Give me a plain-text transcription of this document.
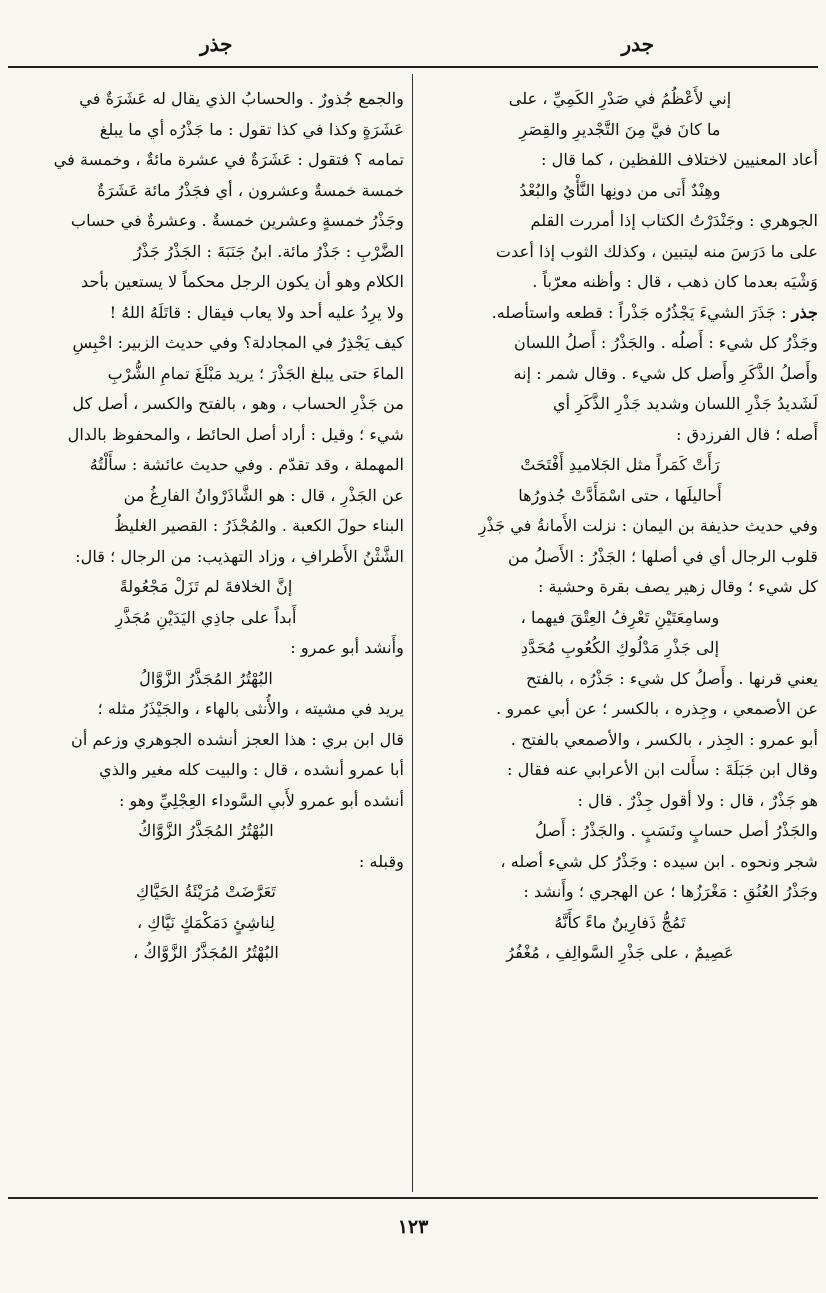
جدر
جذر
إني لأَعْظُمُ في صَدْرِ الكَمِيِّ ، على
ما كانَ فيَّ مِنَ التَّجْديرِ والقِصَرِ
أعاد المعنيين لاختلاف اللفظين ، كما قال :
وهِنْدٌ أَتى من دونِها النَّأْيُ والبُعْدُ
الجوهري : وجَنْدَرْتُ الكتاب إذا أمررت القلم
على ما دَرَسَ منه ليتبين ، وكذلك الثوب إذا أعدت
وَشْيَه بعدما كان ذهب ، قال : وأظنه معرّباً .
جذر : جَذَرَ الشيءَ يَجْذُرُه جَذْراً : قطعه واستأصله.
وجَذْرُ كل شيء : أَصلُه . والجَذْرُ : أَصلُ اللسان
وأَصلُ الذَّكَرِ وأَصل كل شيء . وقال شمر : إنه
لَشَديدُ جَذْرِ اللسان وشديد جَذْرِ الذَّكَرِ أي
أَصله ؛ قال الفرزدق :
رَأَتْ كَمَراً مثل الجَلاميدِ أَفْتَحَتْ
أَحاليلَها ، حتى اسْمَأَدَّتْ جُذورُها
وفي حديث حذيفة بن اليمان : نزلت الأَمانةُ في جَذْرِ
قلوب الرجال أي في أصلها ؛ الجَذْرُ : الأَصلُ من
كل شيء ؛ وقال زهير يصف بقرة وحشية :
وسامِعَتَيْنِ تَعْرِفُ العِتْقَ فيهما ،
إلى جَذْرِ مَدْلُوكِ الكُعُوبِ مُحَدَّدِ
يعني قرنها . وأَصلُ كل شيء : جَذْرُه ، بالفتح
عن الأصمعي ، وجِذره ، بالكسر ؛ عن أبي عمرو .
أبو عمرو : الجِذر ، بالكسر ، والأصمعي بالفتح .
وقال ابن جَبَلَةَ : سأَلت ابن الأعرابي عنه فقال :
هو جَذْرٌ ، قال : ولا أقول جِذْرٌ . قال :
والجَذْرُ أصل حسابٍ ونَسَبٍ . والجَذْرُ : أَصلُ
شجر ونحوه . ابن سيده : وجَذْرُ كل شيء أصله ،
وجَذْرُ العُنُقِ : مَغْرَزُها ؛ عن الهجري ؛ وأَنشد :
تَمُجُّ ذَفارِينٌ ماءً كأَنَّهُ
عَصِيمٌ ، على جَذْرِ السَّوالِفِ ، مُغْفُرُ
والجمع جُذورٌ . والحسابُ الذي يقال له عَشَرَةٌ في
عَشَرَةٍ وكذا في كذا تقول : ما جَذْرُه أي ما يبلغ
تمامه ؟ فتقول : عَشَرَةٌ في عشرة مائةٌ ، وخمسة في
خمسة خمسةٌ وعشرون ، أي فجَذْرُ مائة عَشَرَةٌ
وجَذْرُ خمسةٍ وعشرين خمسةٌ . وعشرةٌ في حساب
الضَّرْبِ : جَذْرُ مائة. ابنُ جَنَبَةَ : الجَذْرُ جَذْرُ
الكلام وهو أن يكون الرجل محكماً لا يستعين بأحد
ولا يرِدُ عليه أحد ولا يعاب فيقال : قاتَلَهُ اللهُ !
كيف يَجْذِرُ في المجادلة؟ وفي حديث الزبير: احْبِسِ
الماءَ حتى يبلغ الجَذْرَ ؛ يريد مَبْلَغَ تمامِ الشُّرْبِ
من جَذْرِ الحساب ، وهو ، بالفتح والكسر ، أصل كل
شيء ؛ وقيل : أراد أصل الحائط ، والمحفوظ بالدال
المهملة ، وقد تقدّم . وفي حديث عائشة : سأَلْتُهُ
عن الجَذْرِ ، قال : هو الشَّاذَرْوانُ الفارِغُ من
البناء حولَ الكعبة . والمُجْذَرُ : القصير الغليظُ
الشَّثْنُ الأَطرافِ ، وزاد التهذيب: من الرجال ؛ قال:
إنَّ الخلافةَ لم تَزَلْ مَجْعُولةً
أَبداً على جاذِي اليَدَيْنِ مُجَذَّرِ
وأَنشد أبو عمرو :
البُهْتُرُ المُجَذَّرُ الزَّوَّالُ
يريد في مشيته ، والأُنثى بالهاء ، والجَيْذَرُ مثله ؛
قال ابن بري : هذا العجز أنشده الجوهري وزعم أن
أبا عمرو أنشده ، قال : والبيت كله مغير والذي
أنشده أبو عمرو لأَبي السَّوداء العِجْلِيِّ وهو :
البُهْتُرُ المُجَذَّرُ الزَّوَّاكُ
وقبله :
تَعَرَّضَتْ مُرَيْئَةُ الحَيَّاكِ
لِناشِئٍ دَمَكْمَكٍ نَيَّاكِ ،
البُهْتُرُ المُجَذَّرُ الزَّوَّاكُ ،
١٢٣
